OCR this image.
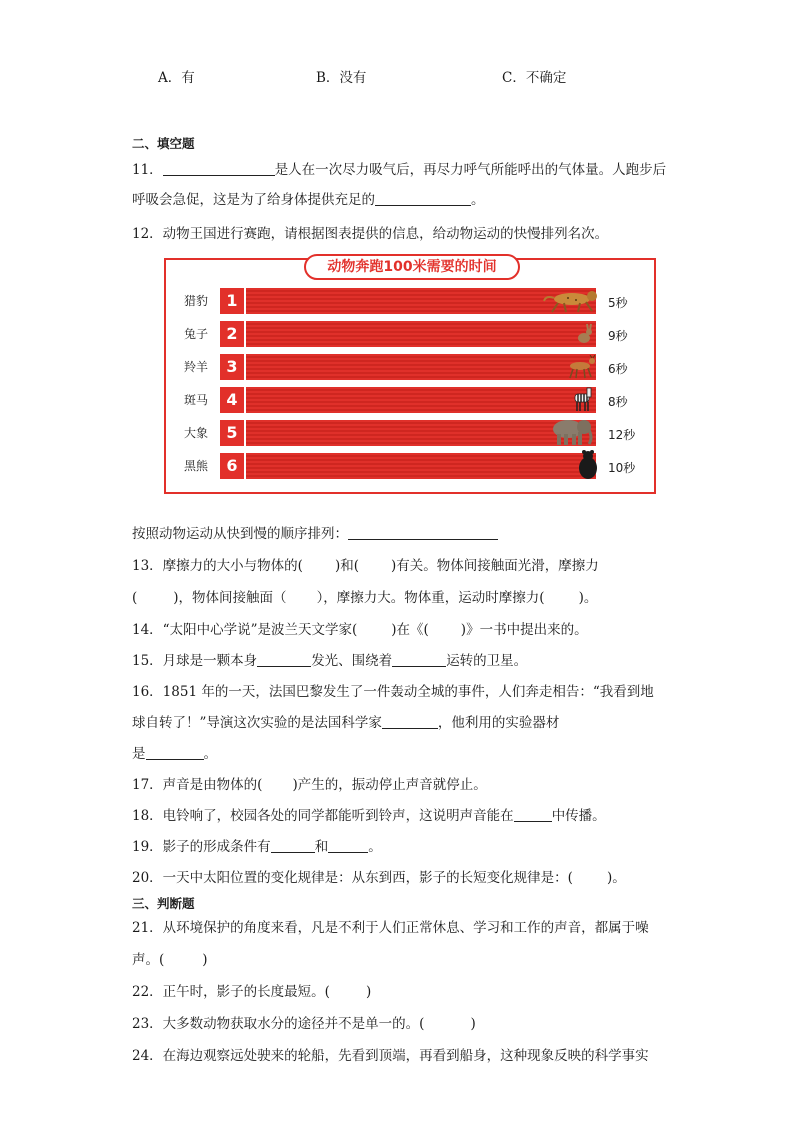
A．有	B．没有	C．不确定
二、填空题
11．	是人在一次尽力吸气后，再尽力呼气所能呼出的气体量。人跑步后
呼吸会急促，这是为了给身体提供充足的	。
12．动物王国进行赛跑，请根据图表提供的信息，给动物运动的快慢排列名次。
动物奔跑100米需要的时间
猎豹	1	5秒
兔子	2	9秒
羚羊	3	6秒
斑马	4	8秒
大象	5	12秒
黑熊	6	10秒
按照动物运动从快到慢的顺序排列：
13．摩擦力的大小与物体的( )和( )有关。物体间接触面光滑，摩擦力
(	)，物体间接触面（ ），摩擦力大。物体重，运动时摩擦力(	)。
14．“太阳中心学说”是波兰天文学家(	)在《( )》一书中提出来的。
15．月球是一颗本身	发光、围绕着	运转的卫星。
16．1851 年的一天，法国巴黎发生了一件轰动全城的事件，人们奔走相告：“我看到地
球自转了！”导演这次实验的是法国科学家	，他利用的实验器材
是	。
17．声音是由物体的( )产生的，振动停止声音就停止。
18．电铃响了，校园各处的同学都能听到铃声，这说明声音能在	中传播。
19．影子的形成条件有	和	。
20．一天中太阳位置的变化规律是：从东到西，影子的长短变化规律是：(	)。
三、判断题
21．从环境保护的角度来看，凡是不利于人们正常休息、学习和工作的声音，都属于噪
声。(	)
22．正午时，影子的长度最短。(	)
23．大多数动物获取水分的途径并不是单一的。(	)
24．在海边观察远处驶来的轮船，先看到顶端，再看到船身，这种现象反映的科学事实
